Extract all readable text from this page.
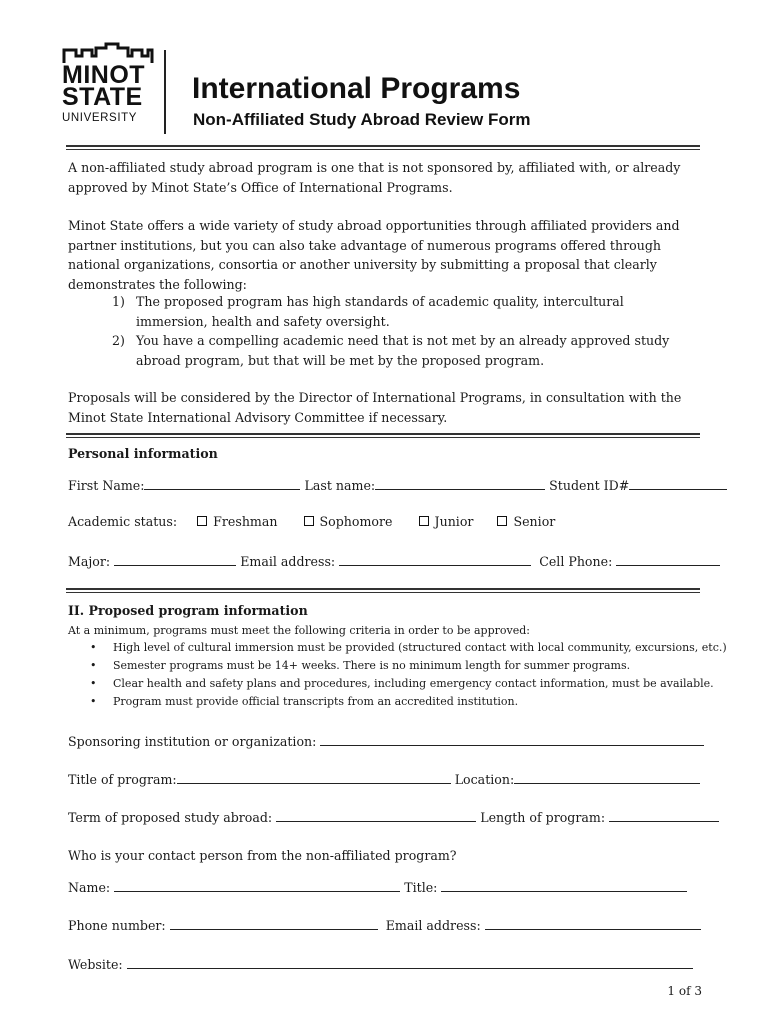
MINOT
STATE
UNIVERSITY
International Programs
Non-Affiliated Study Abroad Review Form

A non-affiliated study abroad program is one that is not sponsored by, affiliated with, or already approved by Minot State’s Office of International Programs.

Minot State offers a wide variety of study abroad opportunities through affiliated providers and partner institutions, but you can also take advantage of numerous programs offered through national organizations, consortia or another university by submitting a proposal that clearly demonstrates the following:

1) The proposed program has high standards of academic quality, intercultural immersion, health and safety oversight.
2) You have a compelling academic need that is not met by an already approved study abroad program, but that will be met by the proposed program.

Proposals will be considered by the Director of International Programs, in consultation with the Minot State International Advisory Committee if necessary.

Personal information
First Name:	Last name:	Student ID#
Academic status:	Freshman	Sophomore	Junior	Senior
Major:	Email address:	Cell Phone:
II. Proposed program information
At a minimum, programs must meet the following criteria in order to be approved:
• High level of cultural immersion must be provided (structured contact with local community, excursions, etc.)
• Semester programs must be 14+ weeks. There is no minimum length for summer programs.
• Clear health and safety plans and procedures, including emergency contact information, must be available.
• Program must provide official transcripts from an accredited institution.
Sponsoring institution or organization:
Title of program:	Location:
Term of proposed study abroad:	Length of program:
Who is your contact person from the non-affiliated program?
Name:	Title:
Phone number:	Email address:
Website:
1 of 3
